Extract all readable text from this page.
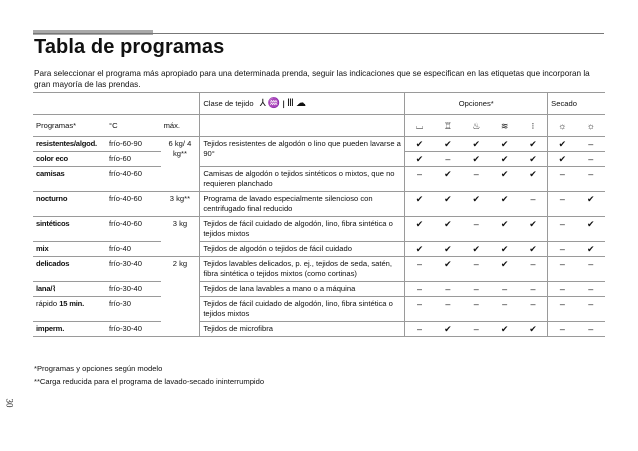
Tabla de programas
Para seleccionar el programa más apropiado para una determinada prenda, seguir las indicaciones que se especifican en las etiquetas que incorporan la gran mayoría de las prendas.
30
			Clase de tejido ⅄♒ꞁⅢ☁	Opciones*					Secado	
Programas*	°C	máx.		⌴	♖	♨	≋	⁝	☼	☼
resistentes/algod.	frío-60-90	6 kg/ 4 kg**	Tejidos resistentes de algodón o lino que pueden lavarse a 90°	✔	✔	✔	✔	✔	✔	–
color eco	frío-60			✔	–	✔	✔	✔	✔	–
camisas	frío-40-60		Camisas de algodón o tejidos sintéticos o mixtos, que no requieren planchado	–	✔	–	✔	✔	–	–
nocturno	frío-40-60	3 kg**	Programa de lavado especialmente silencioso con centrifugado final reducido	✔	✔	✔	✔	–	–	✔
sintéticos	frío-40-60	3 kg	Tejidos de fácil cuidado de algodón, lino, fibra sintética o tejidos mixtos	✔	✔	–	✔	✔	–	✔
mix	frío-40		Tejidos de algodón o tejidos de fácil cuidado	✔	✔	✔	✔	✔	–	✔
delicados	frío-30-40	2 kg	Tejidos lavables delicados, p. ej., tejidos de seda, satén, fibra sintética o tejidos mixtos (como cortinas)	–	✔	–	✔	–	–	–
lana/⌇	frío-30-40		Tejidos de lana lavables a mano o a máquina	–	–	–	–	–	–	–
rápido 15 min.	frío-30		Tejidos de fácil cuidado de algodón, lino, fibra sintética o tejidos mixtos	–	–	–	–	–	–	–
imperm.	frío-30-40		Tejidos de microfibra	–	✔	–	✔	✔	–	–
*Programas y opciones según modelo
**Carga reducida para el programa de lavado-secado ininterrumpido
